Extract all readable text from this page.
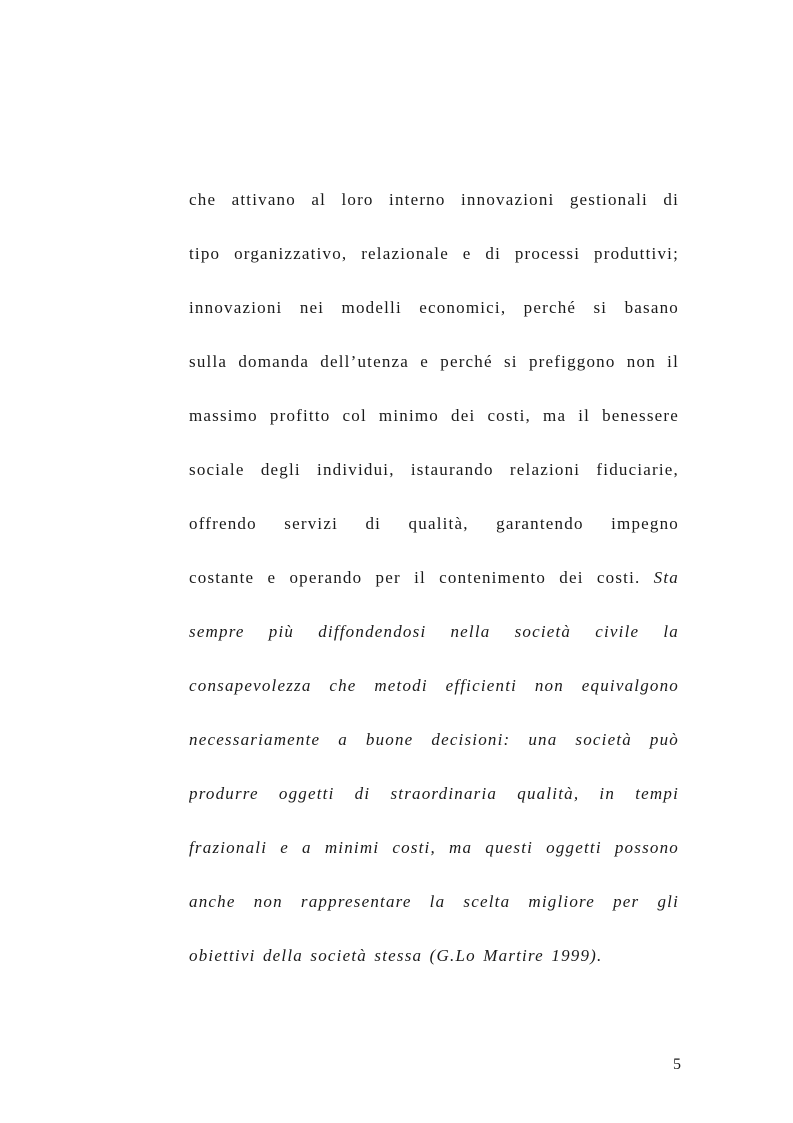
che attivano al loro interno innovazioni gestionali di
tipo organizzativo, relazionale e di processi produttivi;
innovazioni nei modelli economici, perché si basano
sulla domanda dell’utenza e perché si prefiggono non il
massimo profitto col minimo dei costi, ma il benessere
sociale degli individui, istaurando relazioni fiduciarie,
offrendo servizi di qualità, garantendo impegno
costante e operando per il contenimento dei costi. Sta
sempre più diffondendosi nella società civile la
consapevolezza che metodi efficienti non equivalgono
necessariamente a buone decisioni: una società può
produrre oggetti di straordinaria qualità, in tempi
frazionali e a minimi costi, ma questi oggetti possono
anche non rappresentare la scelta migliore per gli
obiettivi della società stessa (G.Lo Martire 1999).
5
